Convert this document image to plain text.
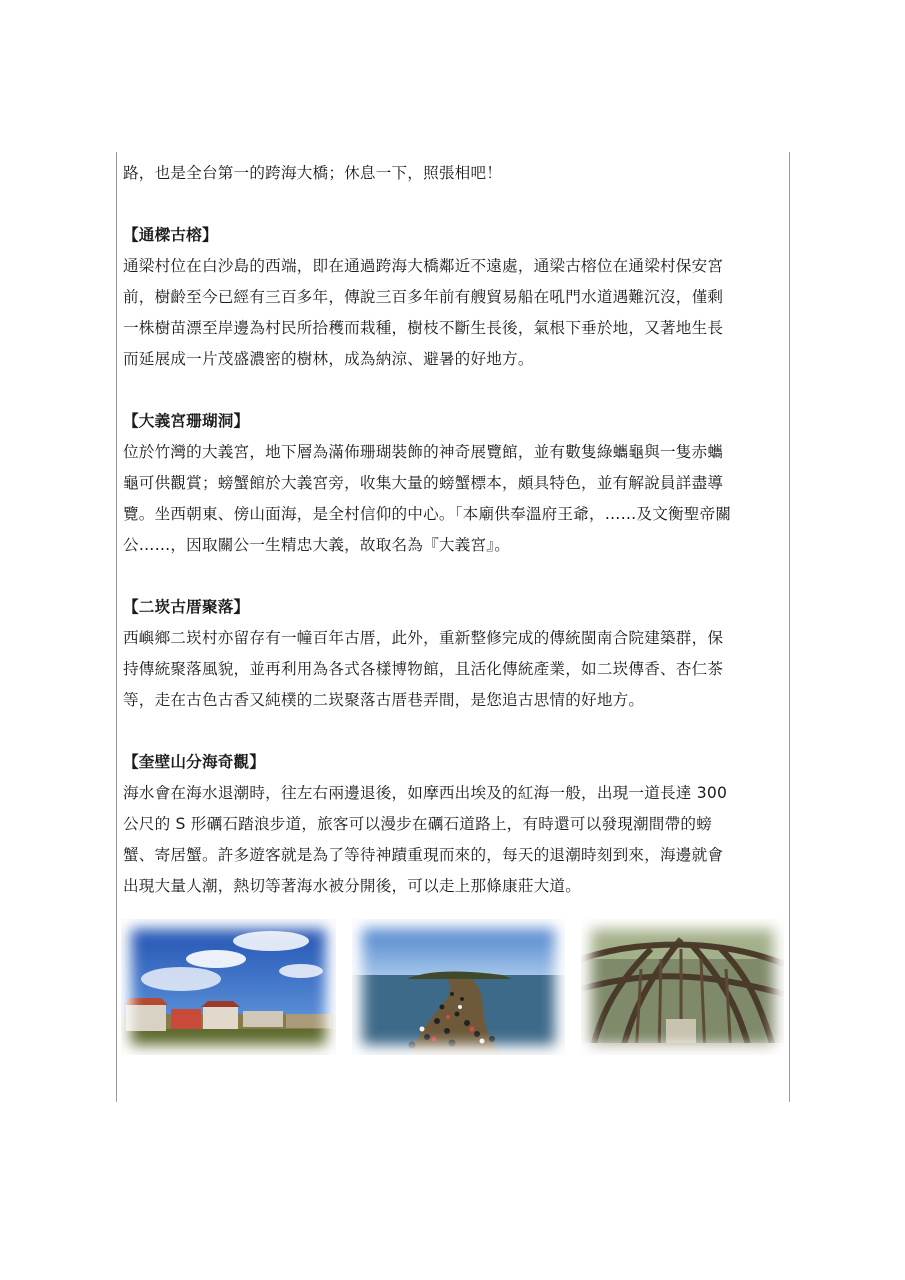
路，也是全台第一的跨海大橋；休息一下，照張相吧！

【通樑古榕】

通梁村位在白沙島的西端，即在通過跨海大橋鄰近不遠處，通梁古榕位在通梁村保安宮

前，樹齡至今已經有三百多年，傳說三百多年前有艘貿易船在吼門水道遇難沉沒，僅剩

一株樹苗漂至岸邊為村民所拾穫而栽種，樹枝不斷生長後，氣根下垂於地，又著地生長

而延展成一片茂盛濃密的樹林，成為納涼、避暑的好地方。

【大義宮珊瑚洞】

位於竹灣的大義宮，地下層為滿佈珊瑚裝飾的神奇展覽館，並有數隻綠蠵龜與一隻赤蠵

龜可供觀賞；螃蟹館於大義宮旁，收集大量的螃蟹標本，頗具特色，並有解說員詳盡導

覽。坐西朝東、傍山面海，是全村信仰的中心。「本廟供奉溫府王爺，……及文衡聖帝關

公……，因取關公一生精忠大義，故取名為『大義宮』。

【二崁古厝聚落】

西嶼鄉二崁村亦留存有一幢百年古厝，此外，重新整修完成的傳統閩南合院建築群，保

持傳統聚落風貌，並再利用為各式各樣博物館，且活化傳統產業，如二崁傳香、杏仁茶

等，走在古色古香又純樸的二崁聚落古厝巷弄間，是您追古思情的好地方。

【奎壁山分海奇觀】

海水會在海水退潮時，往左右兩邊退後，如摩西出埃及的紅海一般，出現一道長達 300

公尺的 S 形礪石踏浪步道，旅客可以漫步在礪石道路上，有時還可以發現潮間帶的螃

蟹、寄居蟹。許多遊客就是為了等待神蹟重現而來的，每天的退潮時刻到來，海邊就會

出現大量人潮，熱切等著海水被分開後，可以走上那條康莊大道。
